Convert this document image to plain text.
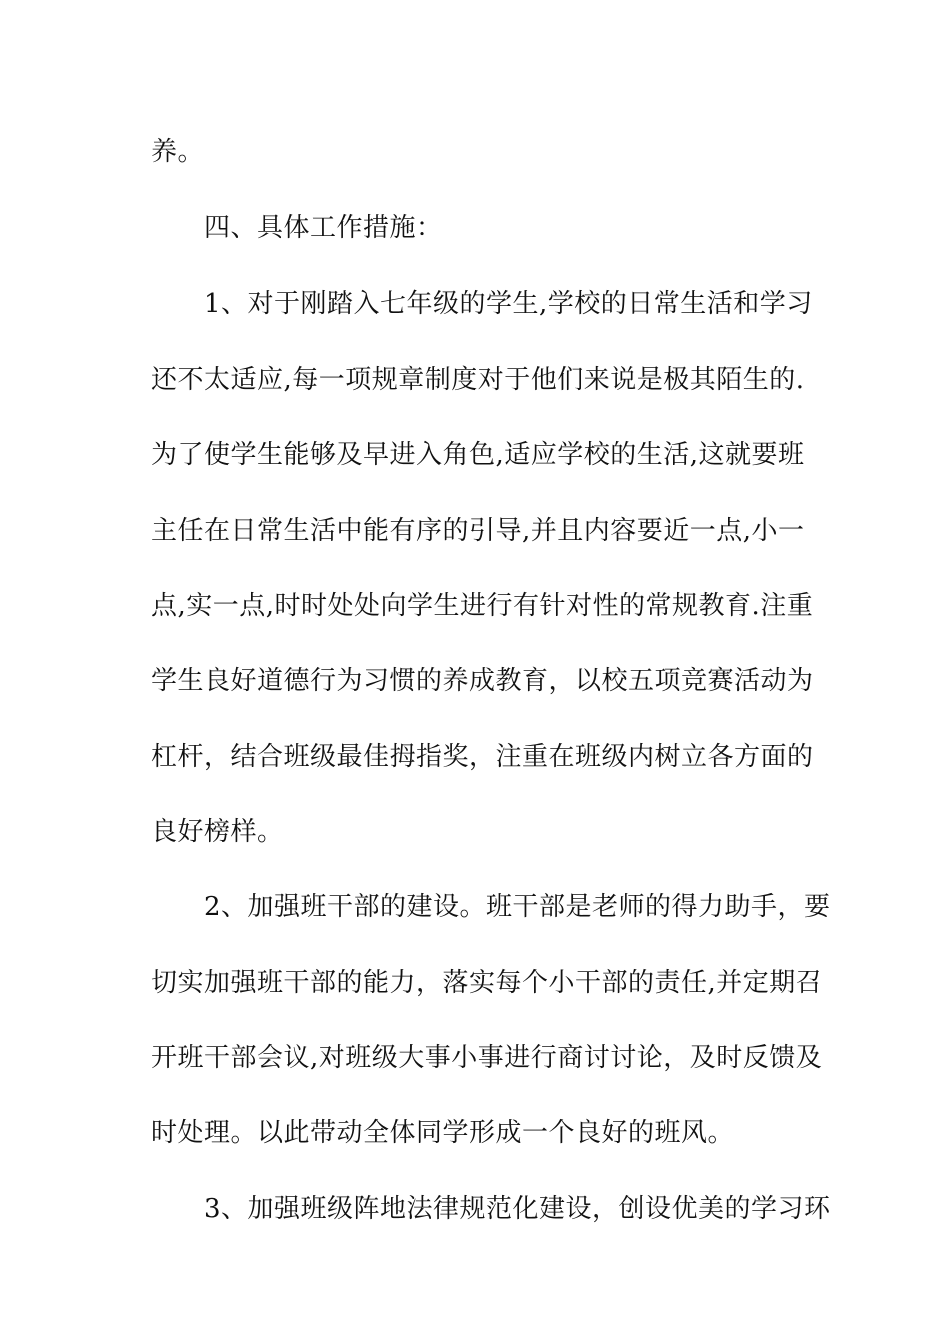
养。
四、具体工作措施：
1、对于刚踏入七年级的学生,学校的日常生活和学习
还不太适应,每一项规章制度对于他们来说是极其陌生的.
为了使学生能够及早进入角色,适应学校的生活,这就要班
主任在日常生活中能有序的引导,并且内容要近一点,小一
点,实一点,时时处处向学生进行有针对性的常规教育.注重
学生良好道德行为习惯的养成教育，以校五项竞赛活动为
杠杆，结合班级最佳拇指奖，注重在班级内树立各方面的
良好榜样。
2、加强班干部的建设。班干部是老师的得力助手，要
切实加强班干部的能力，落实每个小干部的责任,并定期召
开班干部会议,对班级大事小事进行商讨讨论，及时反馈及
时处理。以此带动全体同学形成一个良好的班风。
3、加强班级阵地法律规范化建设，创设优美的学习环
